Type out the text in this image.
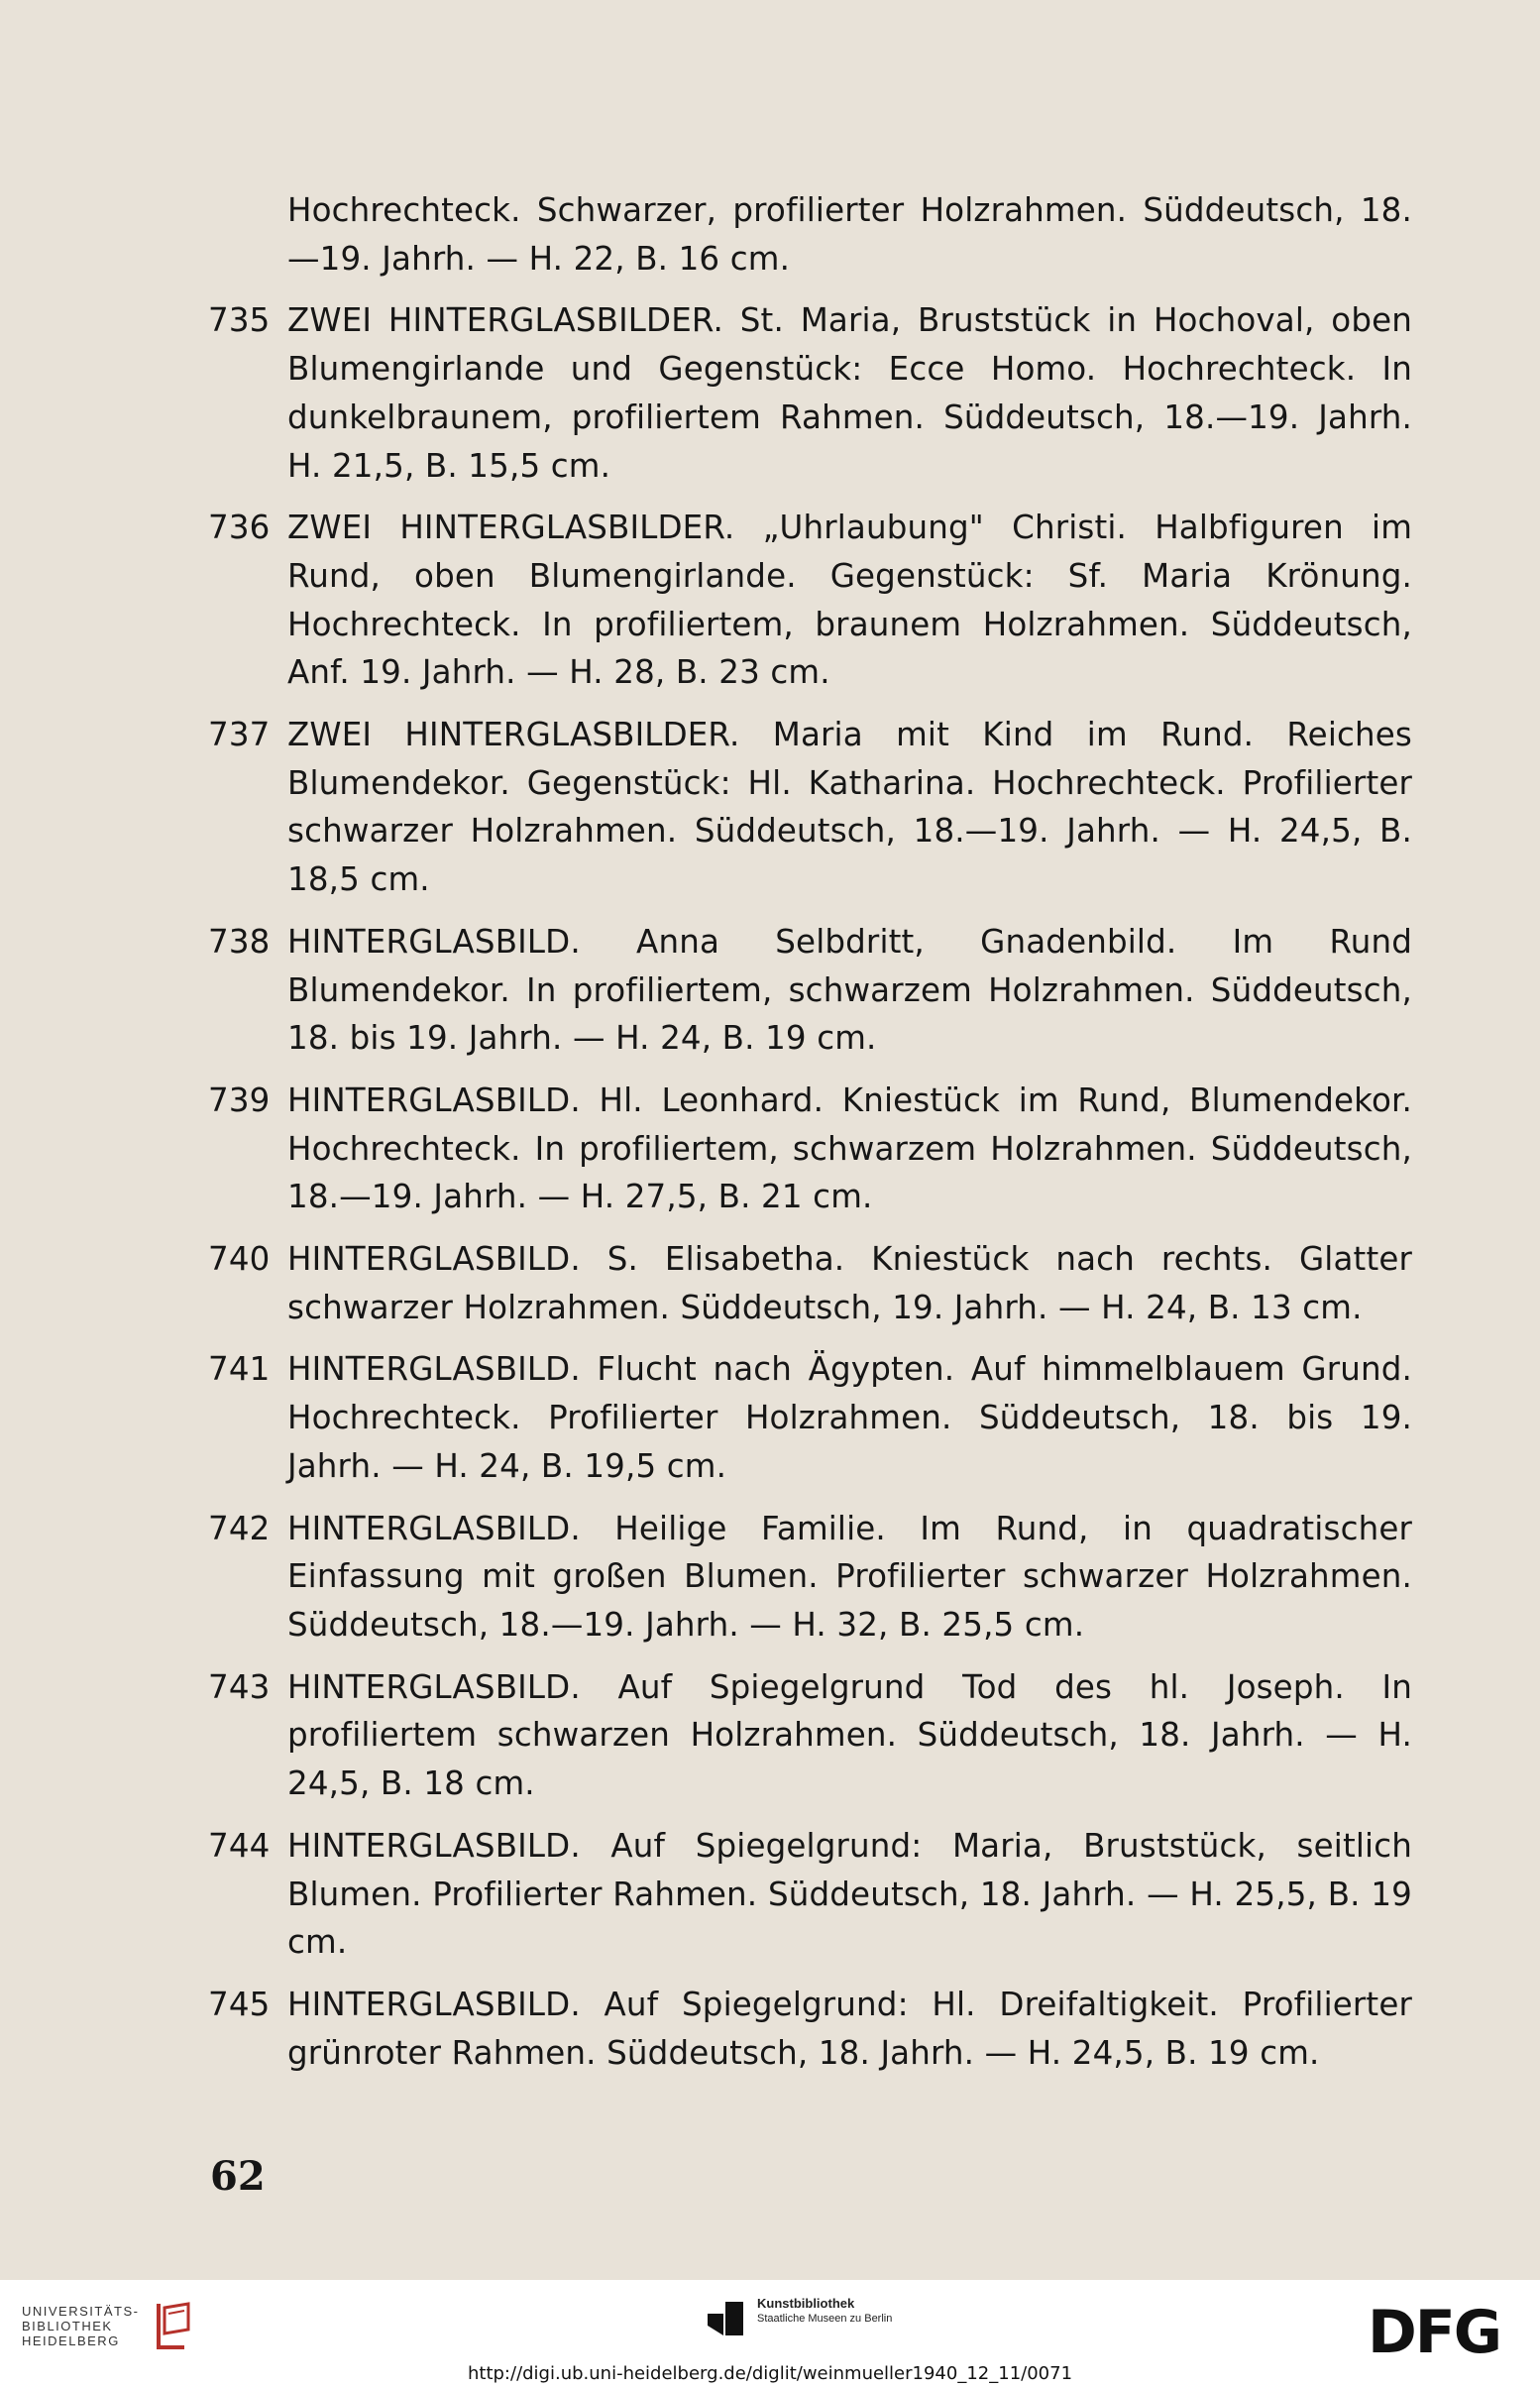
Hochrechteck. Schwarzer, profilierter Holzrahmen. Süddeutsch, 18.—19. Jahrh. — H. 22, B. 16 cm.
735 ZWEI HINTERGLASBILDER. St. Maria, Bruststück in Hochoval, oben Blumengirlande und Gegenstück: Ecce Homo. Hochrechteck. In dunkelbraunem, profiliertem Rahmen. Süddeutsch, 18.—19. Jahrh. H. 21,5, B. 15,5 cm.
736 ZWEI HINTERGLASBILDER. „Uhrlaubung" Christi. Halbfiguren im Rund, oben Blumengirlande. Gegenstück: Sf. Maria Krönung. Hochrechteck. In profiliertem, braunem Holzrahmen. Süddeutsch, Anf. 19. Jahrh. — H. 28, B. 23 cm.
737 ZWEI HINTERGLASBILDER. Maria mit Kind im Rund. Reiches Blumendekor. Gegenstück: Hl. Katharina. Hochrechteck. Profilierter schwarzer Holzrahmen. Süddeutsch, 18.—19. Jahrh. — H. 24,5, B. 18,5 cm.
738 HINTERGLASBILD. Anna Selbdritt, Gnadenbild. Im Rund Blumendekor. In profiliertem, schwarzem Holzrahmen. Süddeutsch, 18. bis 19. Jahrh. — H. 24, B. 19 cm.
739 HINTERGLASBILD. Hl. Leonhard. Kniestück im Rund, Blumendekor. Hochrechteck. In profiliertem, schwarzem Holzrahmen. Süddeutsch, 18.—19. Jahrh. — H. 27,5, B. 21 cm.
740 HINTERGLASBILD. S. Elisabetha. Kniestück nach rechts. Glatter schwarzer Holzrahmen. Süddeutsch, 19. Jahrh. — H. 24, B. 13 cm.
741 HINTERGLASBILD. Flucht nach Ägypten. Auf himmelblauem Grund. Hochrechteck. Profilierter Holzrahmen. Süddeutsch, 18. bis 19. Jahrh. — H. 24, B. 19,5 cm.
742 HINTERGLASBILD. Heilige Familie. Im Rund, in quadratischer Einfassung mit großen Blumen. Profilierter schwarzer Holzrahmen. Süddeutsch, 18.—19. Jahrh. — H. 32, B. 25,5 cm.
743 HINTERGLASBILD. Auf Spiegelgrund Tod des hl. Joseph. In profiliertem schwarzen Holzrahmen. Süddeutsch, 18. Jahrh. — H. 24,5, B. 18 cm.
744 HINTERGLASBILD. Auf Spiegelgrund: Maria, Bruststück, seitlich Blumen. Profilierter Rahmen. Süddeutsch, 18. Jahrh. — H. 25,5, B. 19 cm.
745 HINTERGLASBILD. Auf Spiegelgrund: Hl. Dreifaltigkeit. Profilierter grünroter Rahmen. Süddeutsch, 18. Jahrh. — H. 24,5, B. 19 cm.
62
UNIVERSITÄTS-
BIBLIOTHEK
HEIDELBERG
Kunstbibliothek
Staatliche Museen zu Berlin	DFG
http://digi.ub.uni-heidelberg.de/diglit/weinmueller1940_12_11/0071
